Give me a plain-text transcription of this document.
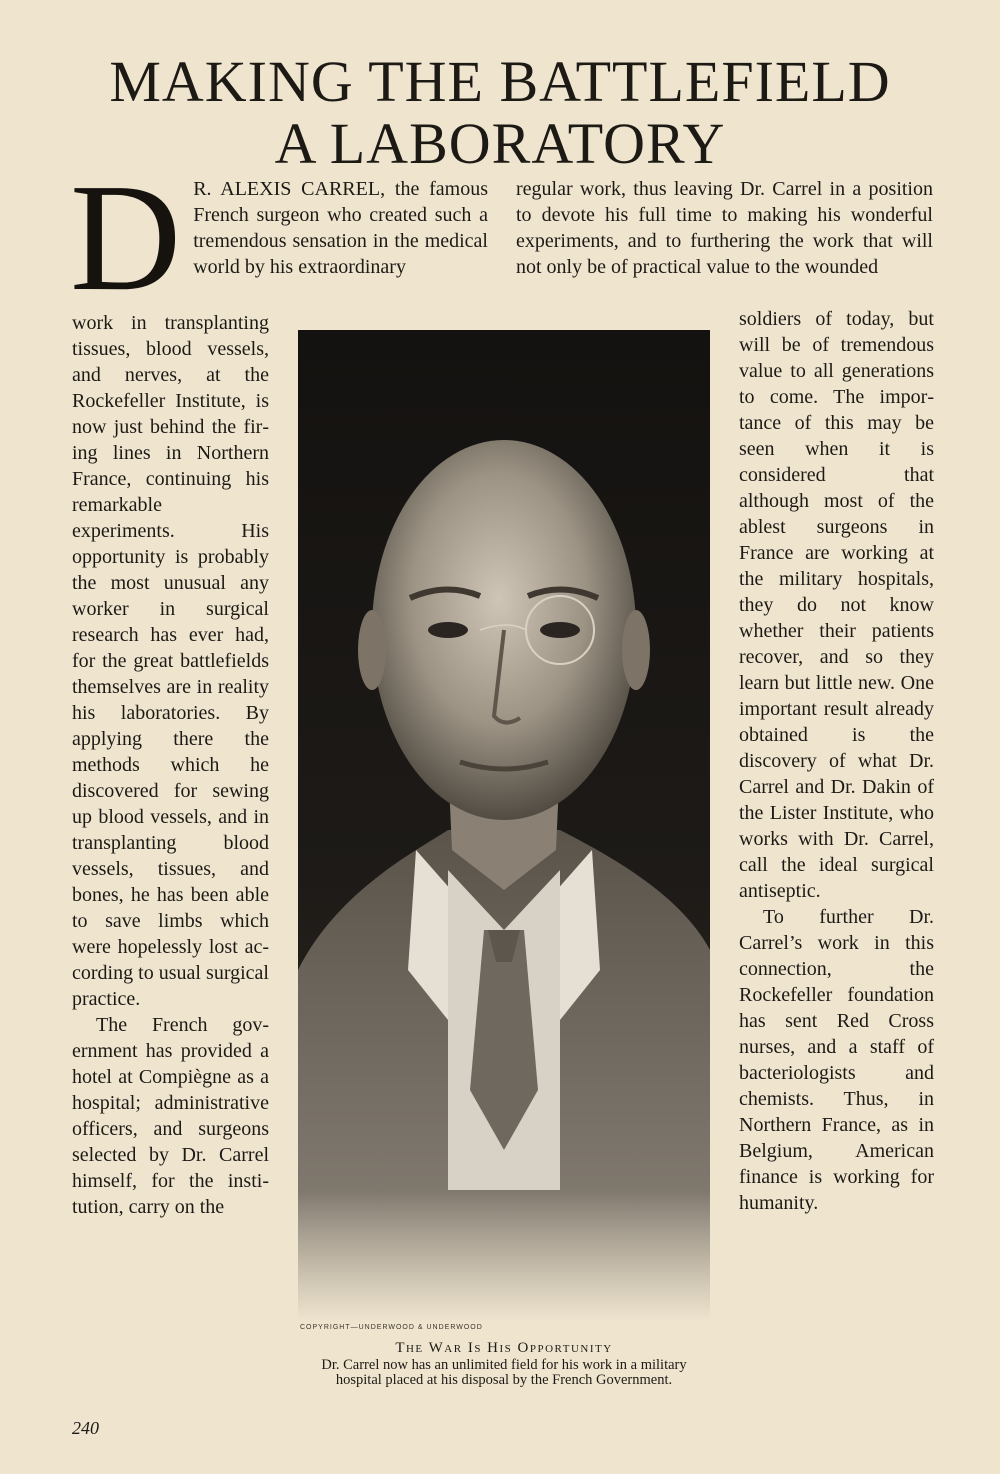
MAKING THE BATTLEFIELD
A LABORATORY
D R. ALEXIS CARREL, the famous French surgeon who created such a tremendous sensation in the medical world by his extraordinary

work in transplanting tissues, blood vessels, and nerves, at the Rockefeller Institute, is now just behind the firing lines in Northern France, continuing his remarkable experiments. His opportunity is probably the most unusual any worker in surgical research has ever had, for the great battlefields themselves are in reality his laboratories. By applying there the methods which he discovered for sewing up blood vessels, and in transplanting blood vessels, tissues, and bones, he has been able to save limbs which were hopelessly lost according to usual surgical practice.

The French government has provided a hotel at Compiègne as a hospital; administrative officers, and surgeons selected by Dr. Carrel himself, for the institution, carry on the

regular work, thus leaving Dr. Carrel in a position to devote his full time to making his wonderful experiments, and to furthering the work that will not only be of practical value to the wounded

soldiers of today, but will be of tremendous value to all generations to come. The importance of this may be seen when it is considered that although most of the ablest surgeons in France are working at the military hospitals, they do not know whether their patients recover, and so they learn but little new. One important result already obtained is the discovery of what Dr. Carrel and Dr. Dakin of the Lister Institute, who works with Dr. Carrel, call the ideal surgical antiseptic.

To further Dr. Carrel’s work in this connection, the Rockefeller foundation has sent Red Cross nurses, and a staff of bacteriologists and chemists. Thus, in Northern France, as in Belgium, American finance is working for humanity.

COPYRIGHT—UNDERWOOD & UNDERWOOD
The War Is His Opportunity
Dr. Carrel now has an unlimited field for his work in a military hospital placed at his disposal by the French Government.
240
